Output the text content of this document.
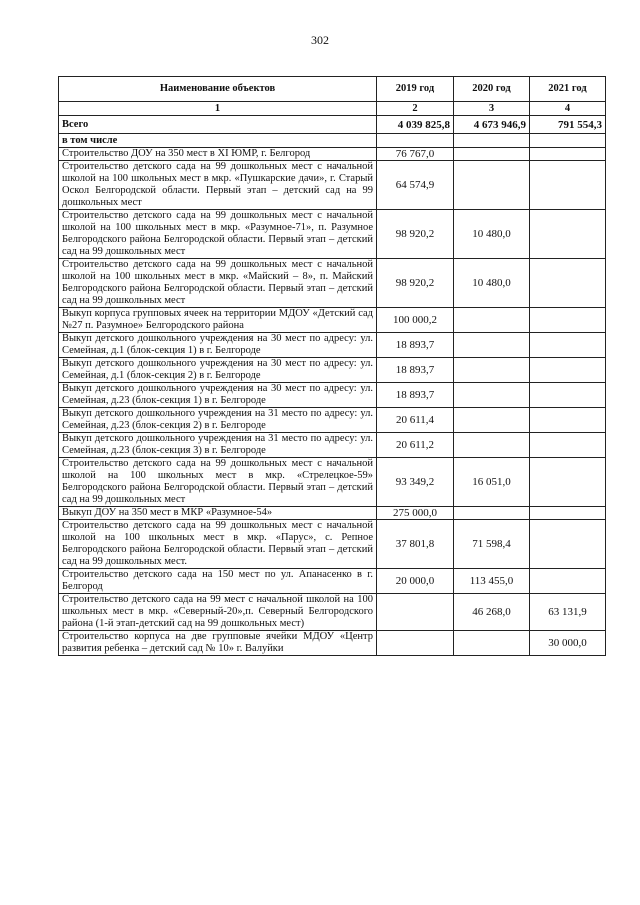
302
Наименование объектов	2019 год	2020 год	2021 год
1	2	3	4
Всего	4 039 825,8	4 673 946,9	791 554,3
в том числе			
Строительство ДОУ на 350 мест в XI ЮМР, г. Белгород	76 767,0		
Строительство детского сада на 99 дошкольных мест с начальной школой на 100 школьных мест в мкр. «Пушкарские дачи», г. Старый Оскол Белгородской области. Первый этап – детский сад на 99 дошкольных мест	64 574,9		
Строительство детского сада на 99 дошкольных мест с начальной школой на 100 школьных мест в мкр. «Разумное-71», п. Разумное Белгородского района Белгородской области. Первый этап – детский сад на 99 дошкольных мест	98 920,2	10 480,0	
Строительство детского сада на 99 дошкольных мест с начальной школой на 100 школьных мест в мкр. «Майский – 8», п. Майский Белгородского района Белгородской области. Первый этап – детский сад на 99 дошкольных мест	98 920,2	10 480,0	
Выкуп корпуса групповых ячеек на территории МДОУ «Детский сад №27 п. Разумное» Белгородского района	100 000,2		
Выкуп детского дошкольного учреждения на 30 мест по адресу: ул. Семейная, д.1 (блок-секция 1) в г. Белгороде	18 893,7		
Выкуп детского дошкольного учреждения на 30 мест по адресу: ул. Семейная, д.1 (блок-секция 2) в г. Белгороде	18 893,7		
Выкуп детского дошкольного учреждения на 30 мест по адресу: ул. Семейная, д.23 (блок-секция 1) в г. Белгороде	18 893,7		
Выкуп детского дошкольного учреждения на 31 место по адресу: ул. Семейная, д.23 (блок-секция 2) в г. Белгороде	20 611,4		
Выкуп детского дошкольного учреждения на 31 место по адресу: ул. Семейная, д.23 (блок-секция 3) в г. Белгороде	20 611,2		
Строительство детского сада на 99 дошкольных мест с начальной школой на 100 школьных мест в мкр. «Стрелецкое-59» Белгородского района Белгородской области. Первый этап – детский сад на 99 дошкольных мест	93 349,2	16 051,0	
Выкуп ДОУ на 350 мест в МКР «Разумное-54»	275 000,0		
Строительство детского сада на 99 дошкольных мест с начальной школой на 100 школьных мест в мкр. «Парус», с. Репное Белгородского района Белгородской области. Первый этап – детский сад на 99 дошкольных мест.	37 801,8	71 598,4	
Строительство детского сада на 150 мест по ул. Апанасенко в г. Белгород	20 000,0	113 455,0	
Строительство детского сада на 99 мест с начальной школой на 100 школьных мест в мкр. «Северный-20»,п. Северный Белгородского района (1-й этап-детский сад на 99 дошкольных мест)		46 268,0	63 131,9
Строительство корпуса на две групповые ячейки МДОУ «Центр развития ребенка – детский сад № 10» г. Валуйки			30 000,0
